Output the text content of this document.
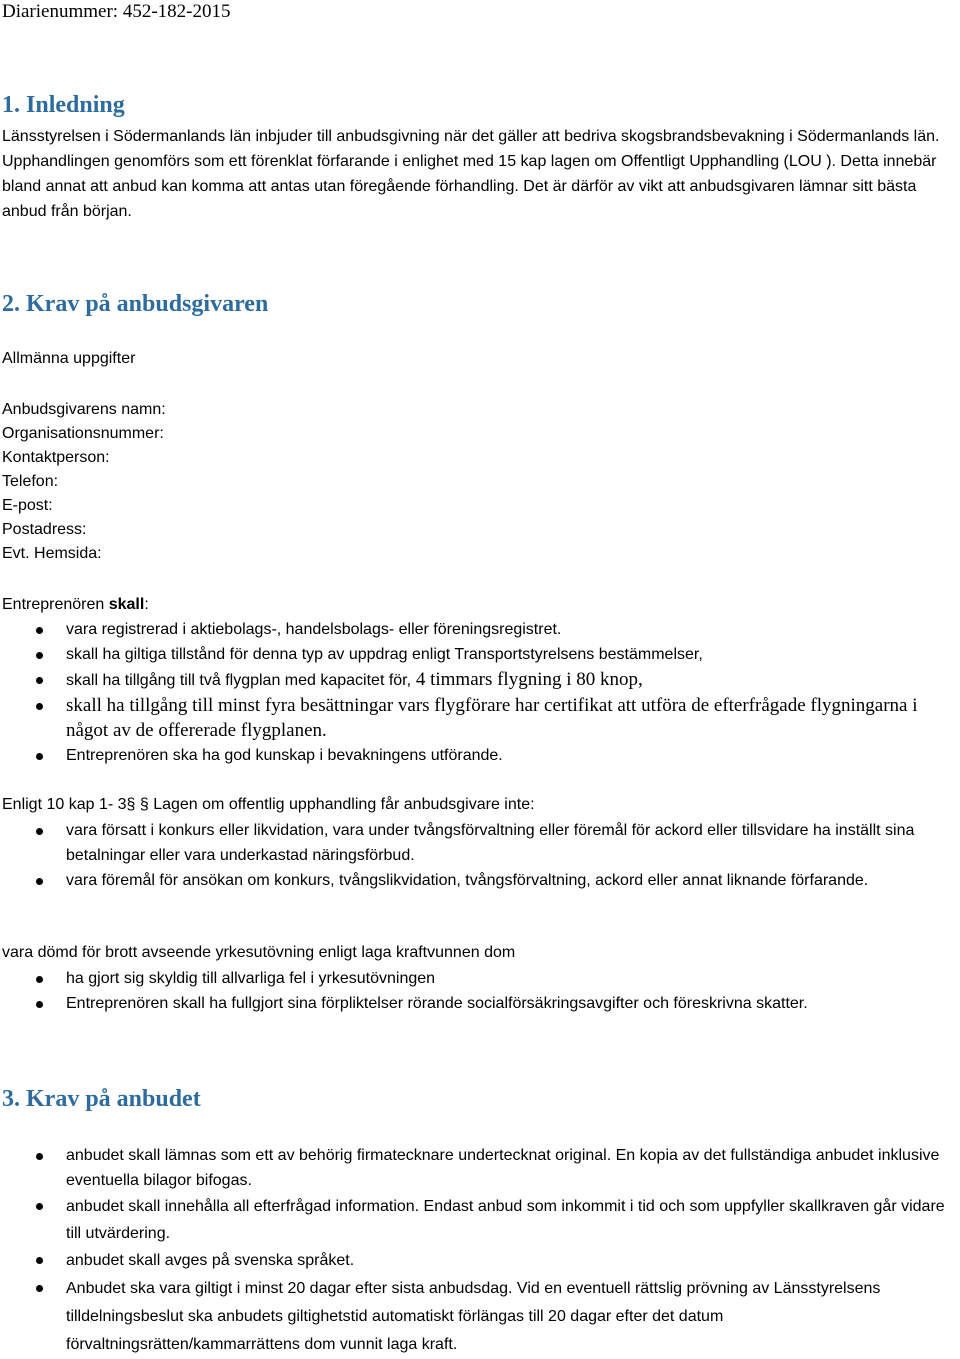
Diarienummer: 452-182-2015
1. Inledning
Länsstyrelsen i Södermanlands län inbjuder till anbudsgivning när det gäller att bedriva skogsbrandsbevakning i Södermanlands län. Upphandlingen genomförs som ett förenklat förfarande i enlighet med 15 kap lagen om Offentligt Upphandling (LOU ). Detta innebär bland annat att anbud kan komma att antas utan föregående förhandling. Det är därför av vikt att anbudsgivaren lämnar sitt bästa anbud från början.
2. Krav på anbudsgivaren
Allmänna uppgifter
Anbudsgivarens namn:
Organisationsnummer:
Kontaktperson:
Telefon:
E-post:
Postadress:
Evt. Hemsida:
Entreprenören skall:
vara registrerad i aktiebolags-, handelsbolags- eller föreningsregistret.
skall ha giltiga tillstånd för denna typ av uppdrag enligt Transportstyrelsens bestämmelser,
skall ha tillgång till två flygplan med kapacitet för, 4 timmars flygning i 80 knop,
skall ha tillgång till minst fyra besättningar vars flygförare har certifikat att utföra de efterfrågade flygningarna i något av de offererade flygplanen.
Entreprenören ska ha god kunskap i bevakningens utförande.
Enligt 10 kap 1- 3§ § Lagen om offentlig upphandling får anbudsgivare inte:
vara försatt i konkurs eller likvidation, vara under tvångsförvaltning eller föremål för ackord eller tillsvidare ha inställt sina betalningar eller vara underkastad näringsförbud.
vara föremål för ansökan om konkurs, tvångslikvidation, tvångsförvaltning, ackord eller annat liknande förfarande.
vara dömd för brott avseende yrkesutövning enligt laga kraftvunnen dom
ha gjort sig skyldig till allvarliga fel i yrkesutövningen
Entreprenören skall ha fullgjort sina förpliktelser rörande socialförsäkringsavgifter och föreskrivna skatter.
3. Krav på anbudet
anbudet skall lämnas som ett av behörig firmatecknare undertecknat original. En kopia av det fullständiga anbudet inklusive eventuella bilagor bifogas.
anbudet skall innehålla all efterfrågad information. Endast anbud som inkommit i tid och som uppfyller skallkraven går vidare till utvärdering.
anbudet skall avges på svenska språket.
Anbudet ska vara giltigt i minst 20 dagar efter sista anbudsdag. Vid en eventuell rättslig prövning av Länsstyrelsens tilldelningsbeslut ska anbudets giltighetstid automatiskt förlängas till 20 dagar efter det datum förvaltningsrätten/kammarrättens dom vunnit laga kraft.
